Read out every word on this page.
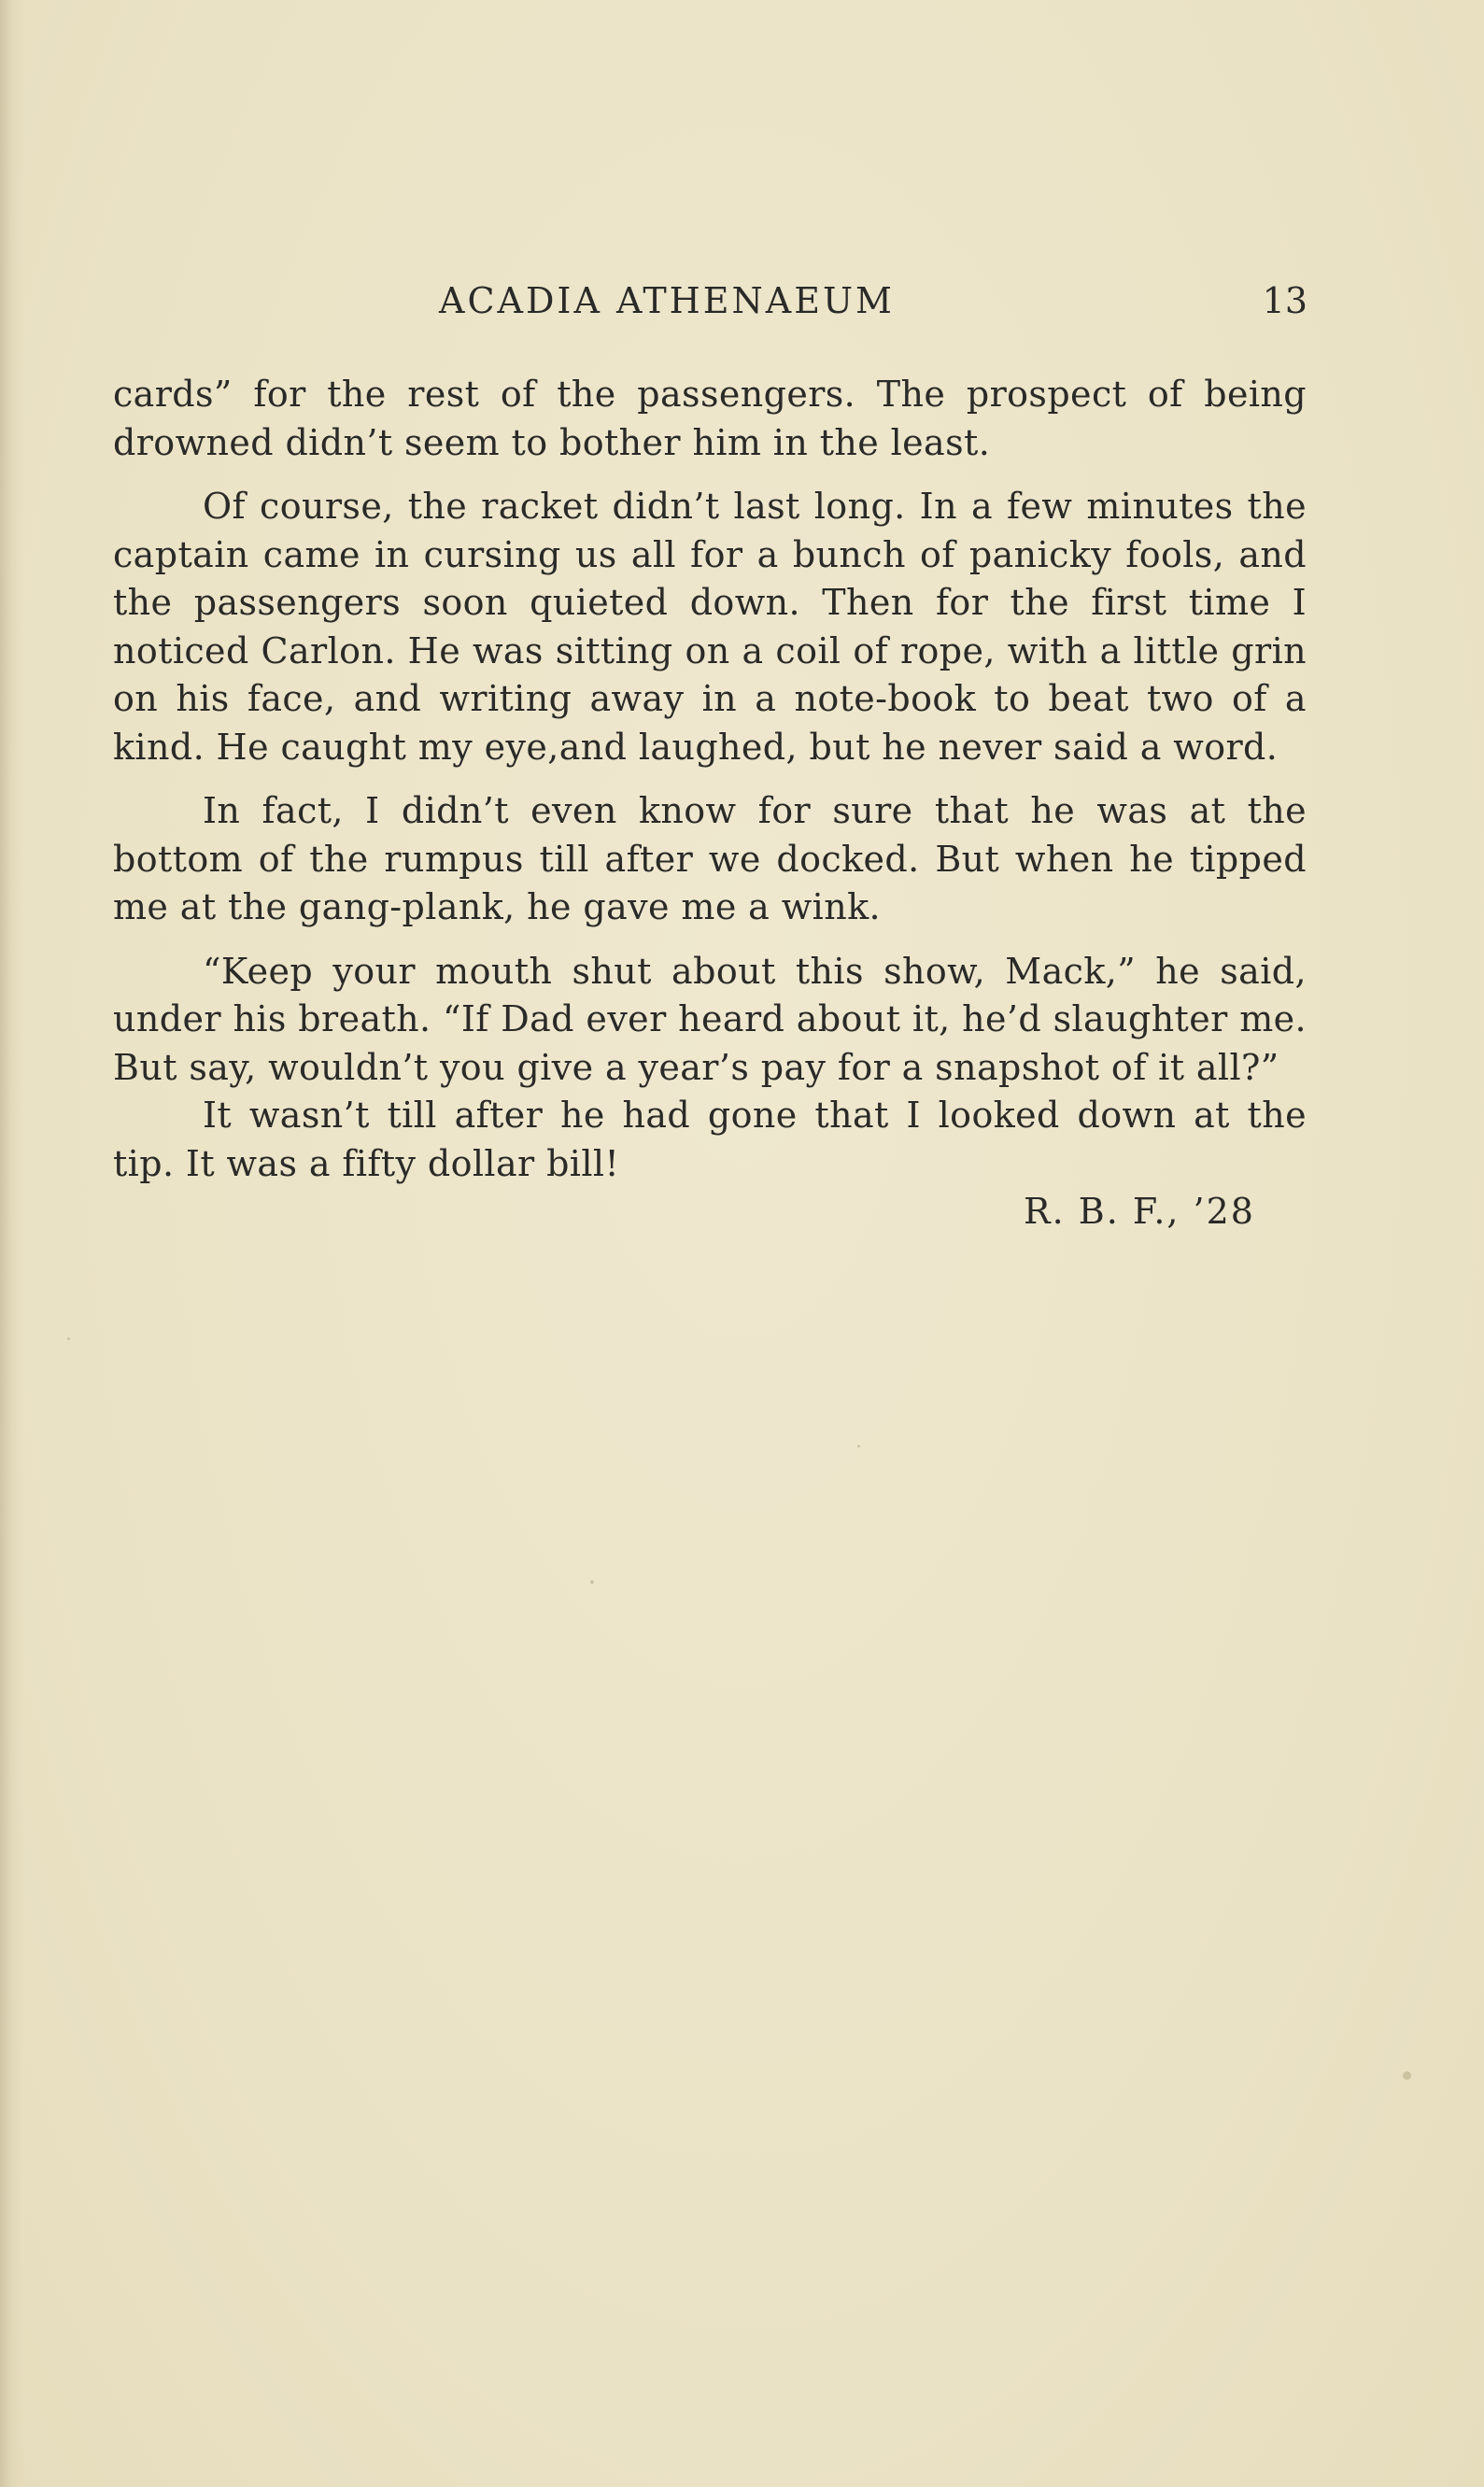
ACADIA ATHENAEUM	13

cards” for the rest of the passengers. The prospect of being drowned didn’t seem to bother him in the least.

Of course, the racket didn’t last long. In a few minutes the captain came in cursing us all for a bunch of panicky fools, and the passengers soon quieted down. Then for the first time I noticed Carlon. He was sitting on a coil of rope, with a little grin on his face, and writing away in a note-book to beat two of a kind. He caught my eye,and laughed, but he never said a word.

In fact, I didn’t even know for sure that he was at the bottom of the rumpus till after we docked. But when he tipped me at the gang-plank, he gave me a wink.

“Keep your mouth shut about this show, Mack,” he said, under his breath. “If Dad ever heard about it, he’d slaughter me. But say, wouldn’t you give a year’s pay for a snapshot of it all?”

It wasn’t till after he had gone that I looked down at the tip. It was a fifty dollar bill!

R. B. F., ’28
